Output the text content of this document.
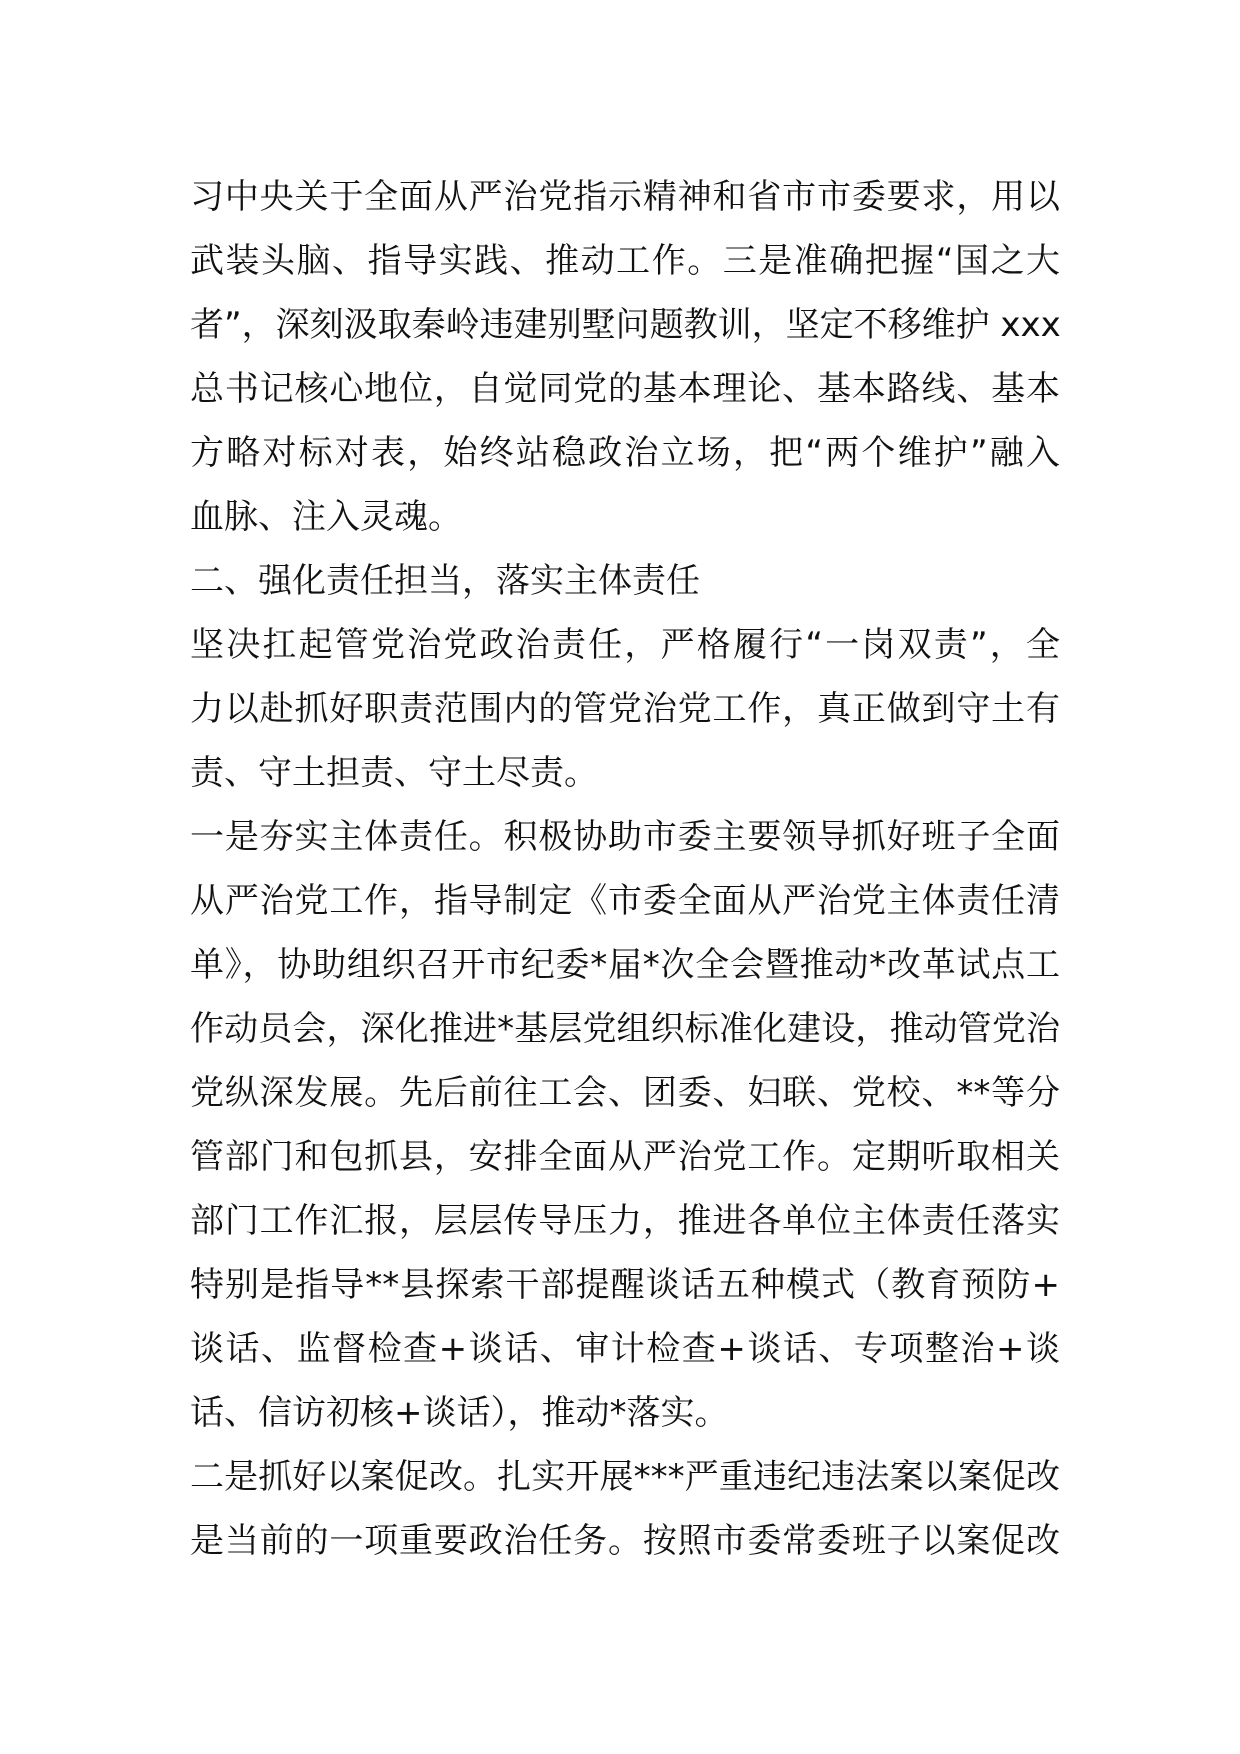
习中央关于全面从严治党指示精神和省市市委要求，用以
武装头脑、指导实践、推动工作。三是准确把握“国之大
者”，深刻汲取秦岭违建别墅问题教训，坚定不移维护 xxx
总书记核心地位，自觉同党的基本理论、基本路线、基本
方略对标对表，始终站稳政治立场，把“两个维护”融入
血脉、注入灵魂。
二、强化责任担当，落实主体责任
坚决扛起管党治党政治责任，严格履行“一岗双责”，全
力以赴抓好职责范围内的管党治党工作，真正做到守土有
责、守土担责、守土尽责。
一是夯实主体责任。积极协助市委主要领导抓好班子全面
从严治党工作，指导制定《市委全面从严治党主体责任清
单》，协助组织召开市纪委*届*次全会暨推动*改革试点工
作动员会，深化推进*基层党组织标准化建设，推动管党治
党纵深发展。先后前往工会、团委、妇联、党校、**等分
管部门和包抓县，安排全面从严治党工作。定期听取相关
部门工作汇报，层层传导压力，推进各单位主体责任落实
特别是指导**县探索干部提醒谈话五种模式（教育预防+
谈话、监督检查+谈话、审计检查+谈话、专项整治+谈
话、信访初核+谈话），推动*落实。
二是抓好以案促改。扎实开展***严重违纪违法案以案促改
是当前的一项重要政治任务。按照市委常委班子以案促改
